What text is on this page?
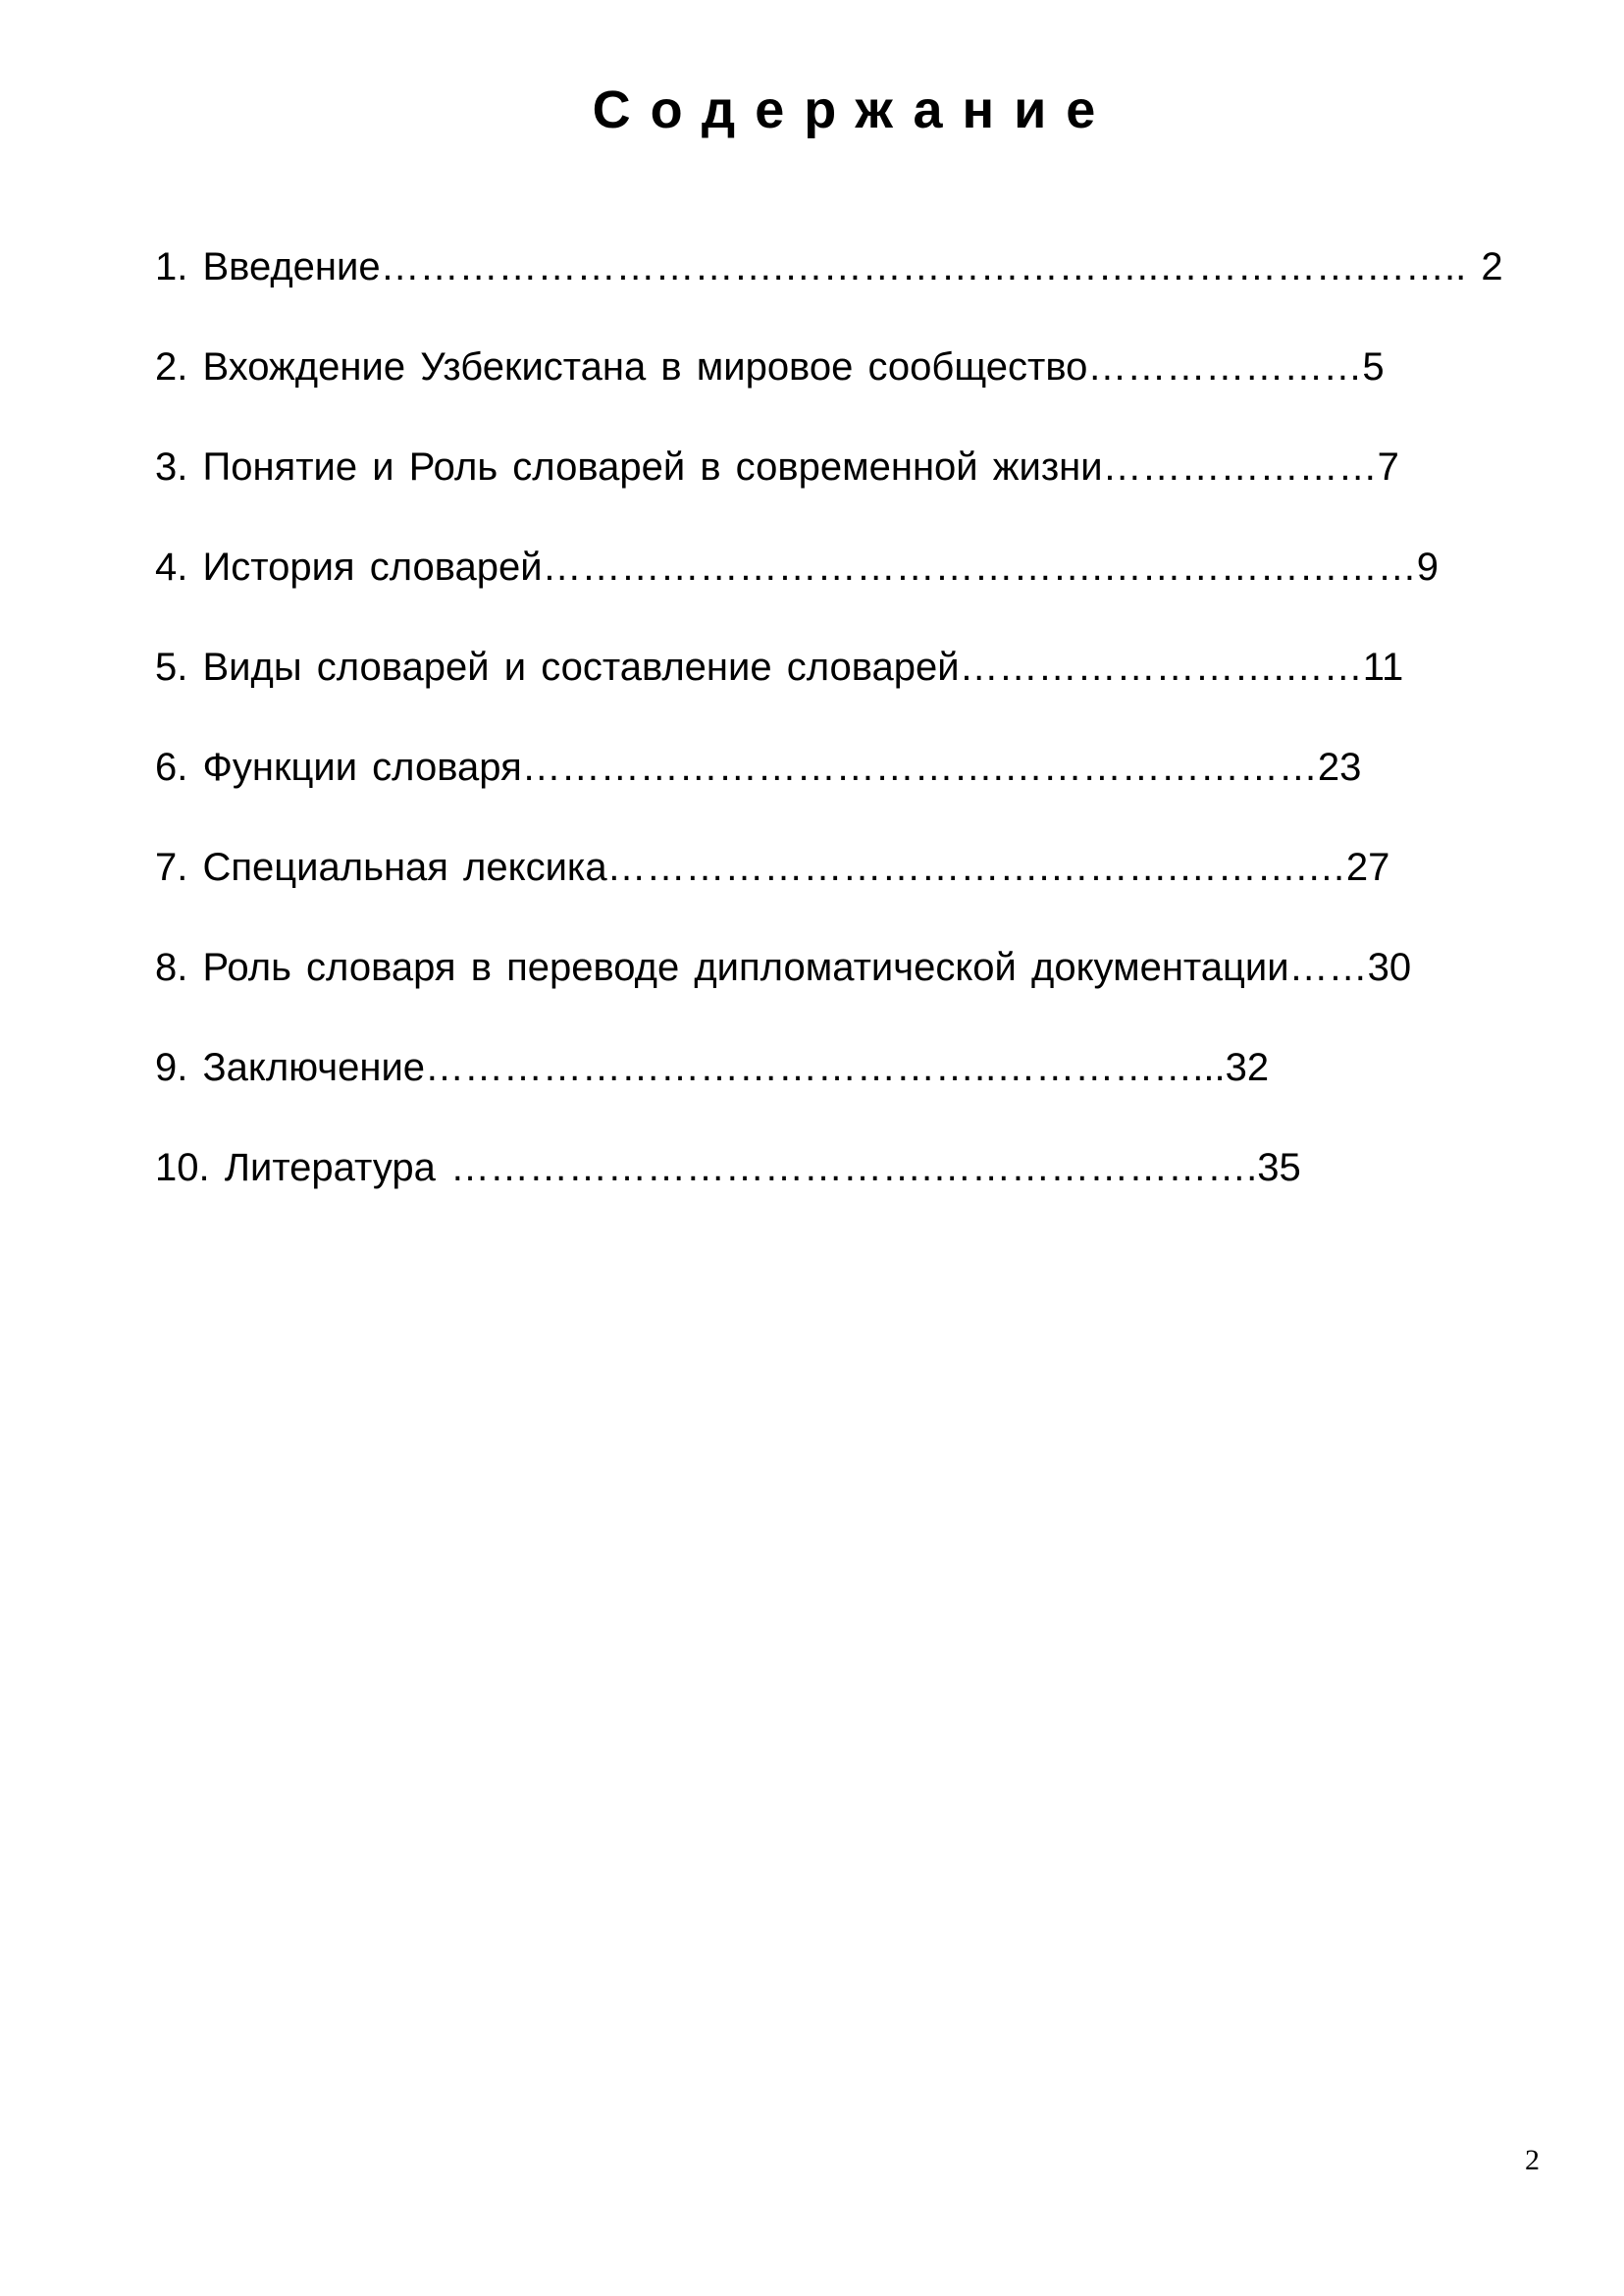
Содержание
1. Введение………………………….………………………..…………….…….. 2
2. Вхождение Узбекистана в мировое сообщество…………………5
3. Понятие и Роль словарей в современной жизни…………………7
4. История словарей…………………………………….……………………9
5. Виды словарей и составление словарей…………………….……11
6. Функции словаря……………………………….……………………23
7. Специальная лексика…………………………….……….……….…27
8. Роль словаря в переводе дипломатической документации……30
9. Заключение……………………………………..……………...32
10. Литература ……………………………….…………………….35
2
